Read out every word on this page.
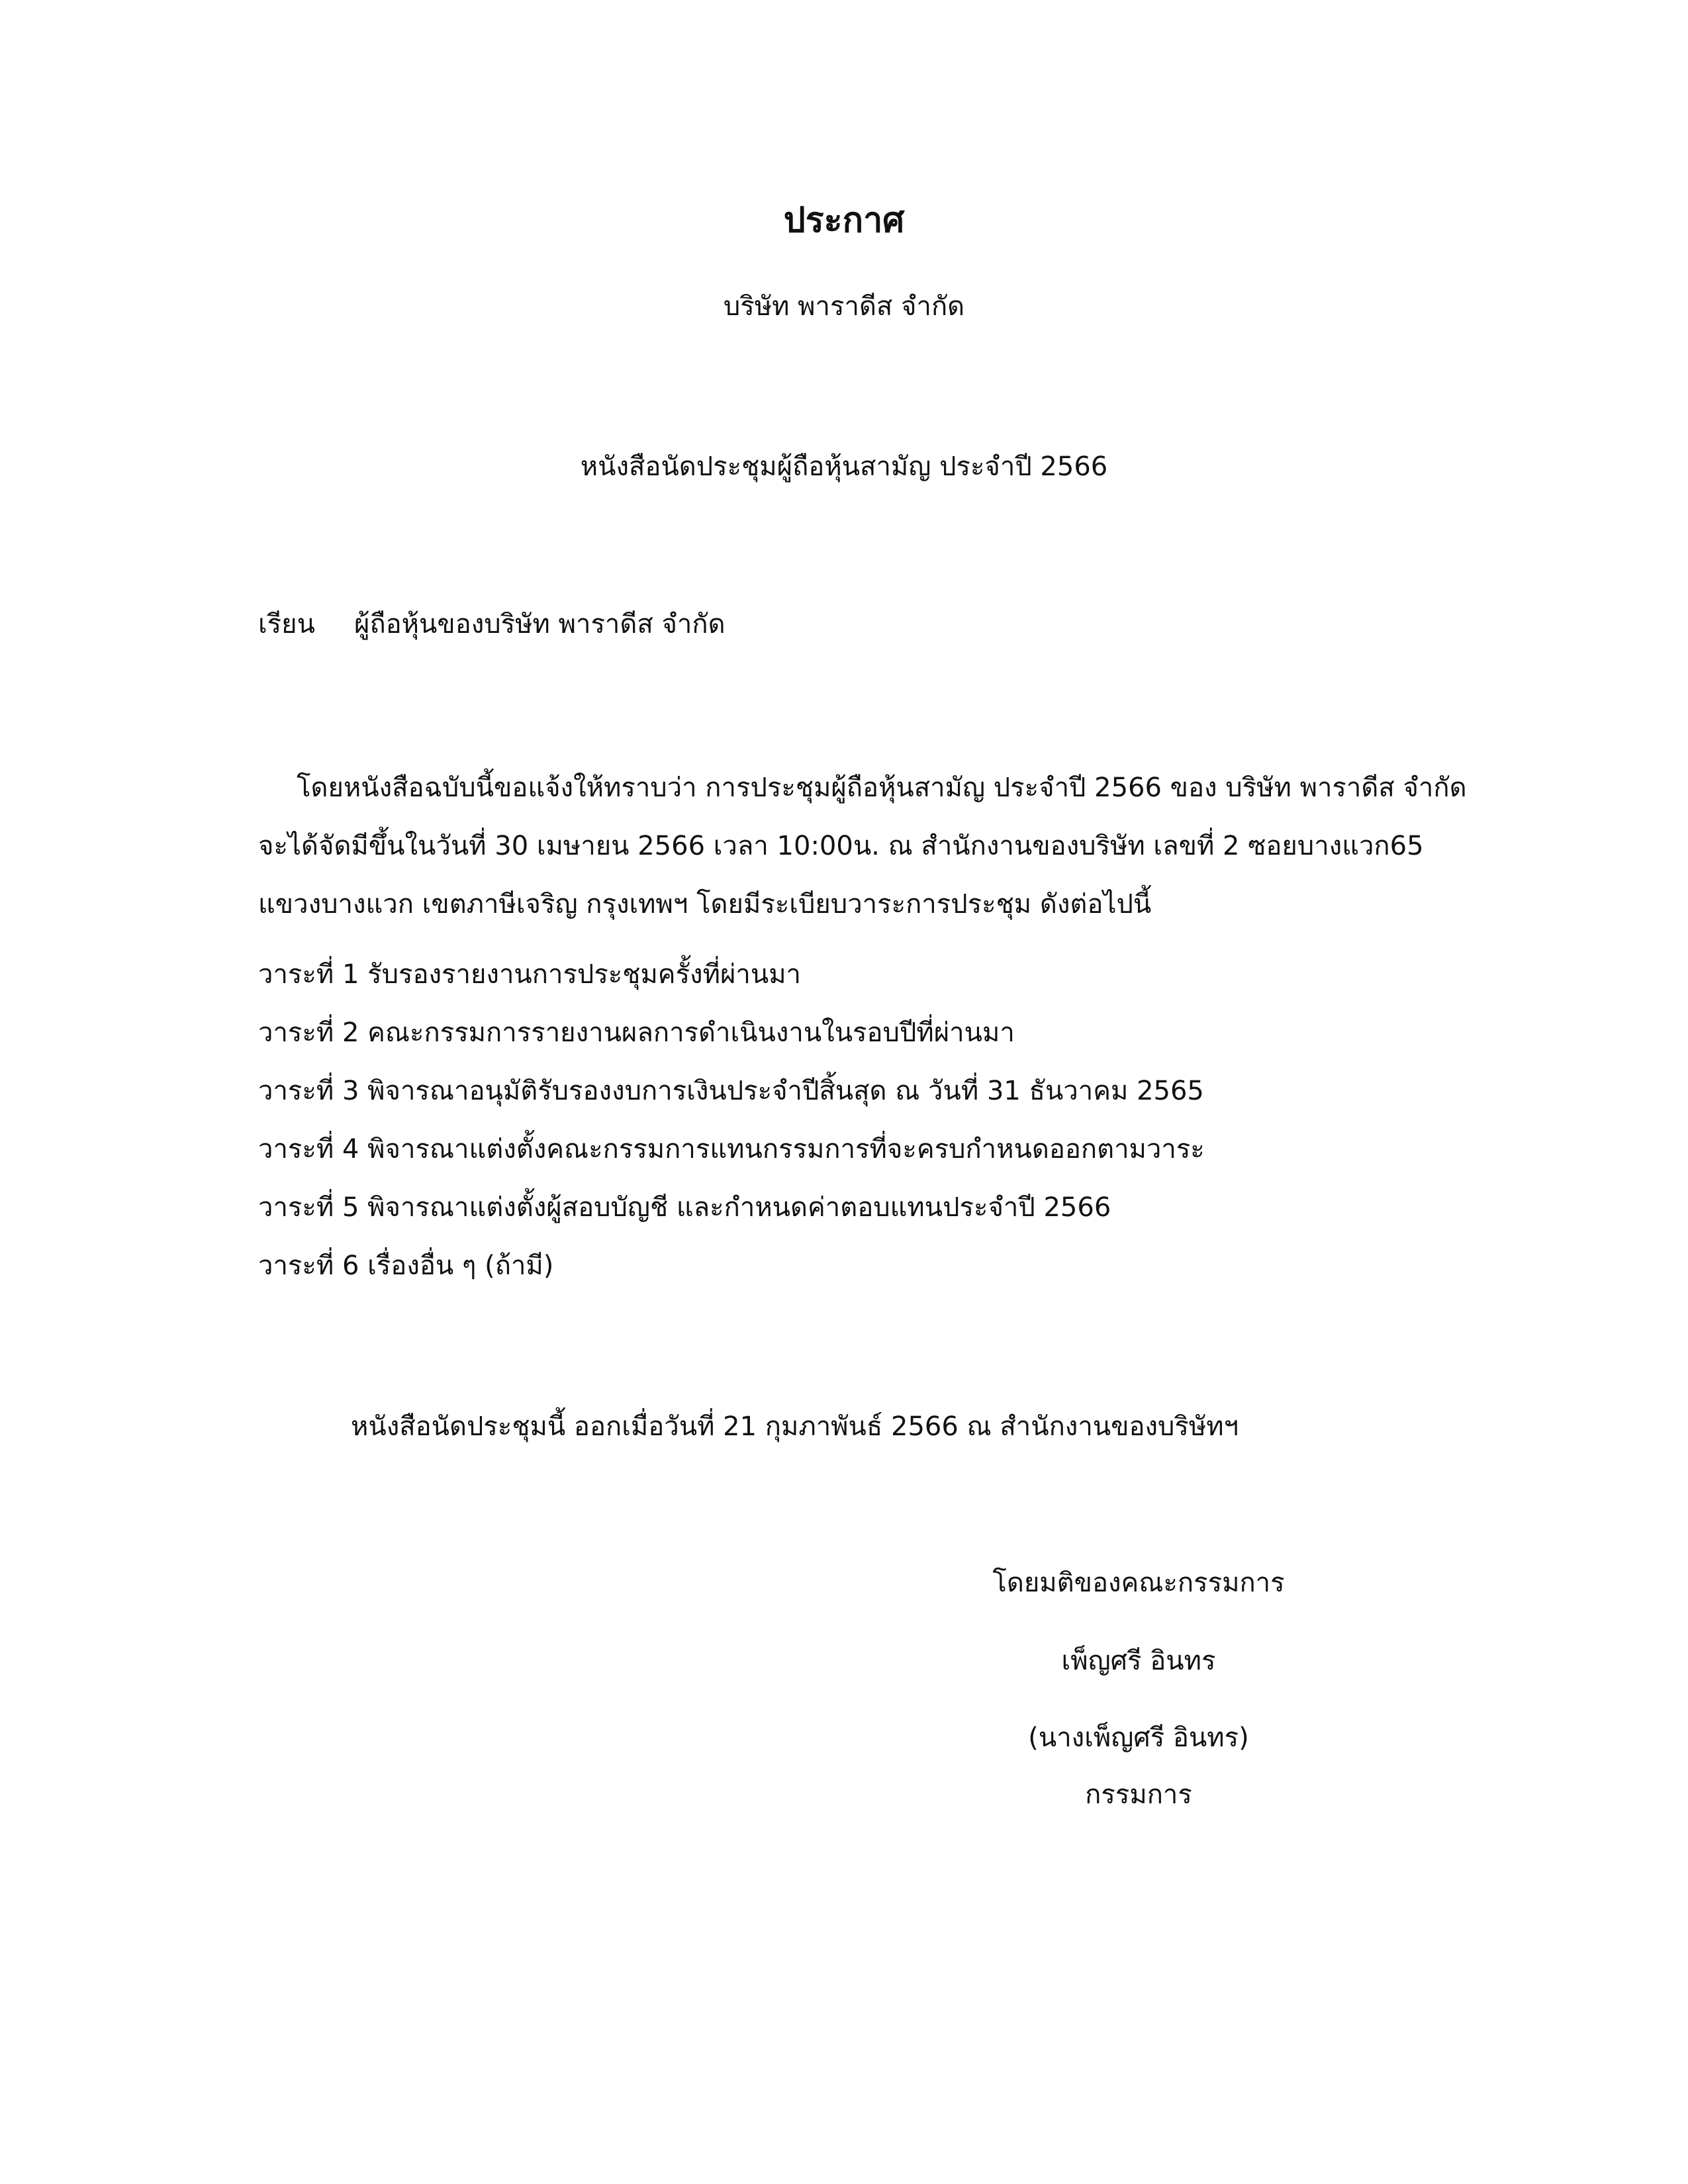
ประกาศ
บริษัท พาราดีส จำกัด
หนังสือนัดประชุมผู้ถือหุ้นสามัญ ประจำปี 2566
เรียน ผู้ถือหุ้นของบริษัท พาราดีส จำกัด
โดยหนังสือฉบับนี้ขอแจ้งให้ทราบว่า การประชุมผู้ถือหุ้นสามัญ ประจำปี 2566 ของ บริษัท พาราดีส จำกัด
จะได้จัดมีขึ้นในวันที่ 30 เมษายน 2566 เวลา 10:00น. ณ สำนักงานของบริษัท เลขที่ 2 ซอยบางแวก65
แขวงบางแวก เขตภาษีเจริญ กรุงเทพฯ โดยมีระเบียบวาระการประชุม ดังต่อไปนี้
วาระที่ 1 รับรองรายงานการประชุมครั้งที่ผ่านมา
วาระที่ 2 คณะกรรมการรายงานผลการดำเนินงานในรอบปีที่ผ่านมา
วาระที่ 3 พิจารณาอนุมัติรับรองงบการเงินประจำปีสิ้นสุด ณ วันที่ 31 ธันวาคม 2565
วาระที่ 4 พิจารณาแต่งตั้งคณะกรรมการแทนกรรมการที่จะครบกำหนดออกตามวาระ
วาระที่ 5 พิจารณาแต่งตั้งผู้สอบบัญชี และกำหนดค่าตอบแทนประจำปี 2566
วาระที่ 6 เรื่องอื่น ๆ (ถ้ามี)
หนังสือนัดประชุมนี้ ออกเมื่อวันที่ 21 กุมภาพันธ์ 2566 ณ สำนักงานของบริษัทฯ
โดยมติของคณะกรรมการ
เพ็ญศรี อินทร
(นางเพ็ญศรี อินทร)
กรรมการ
